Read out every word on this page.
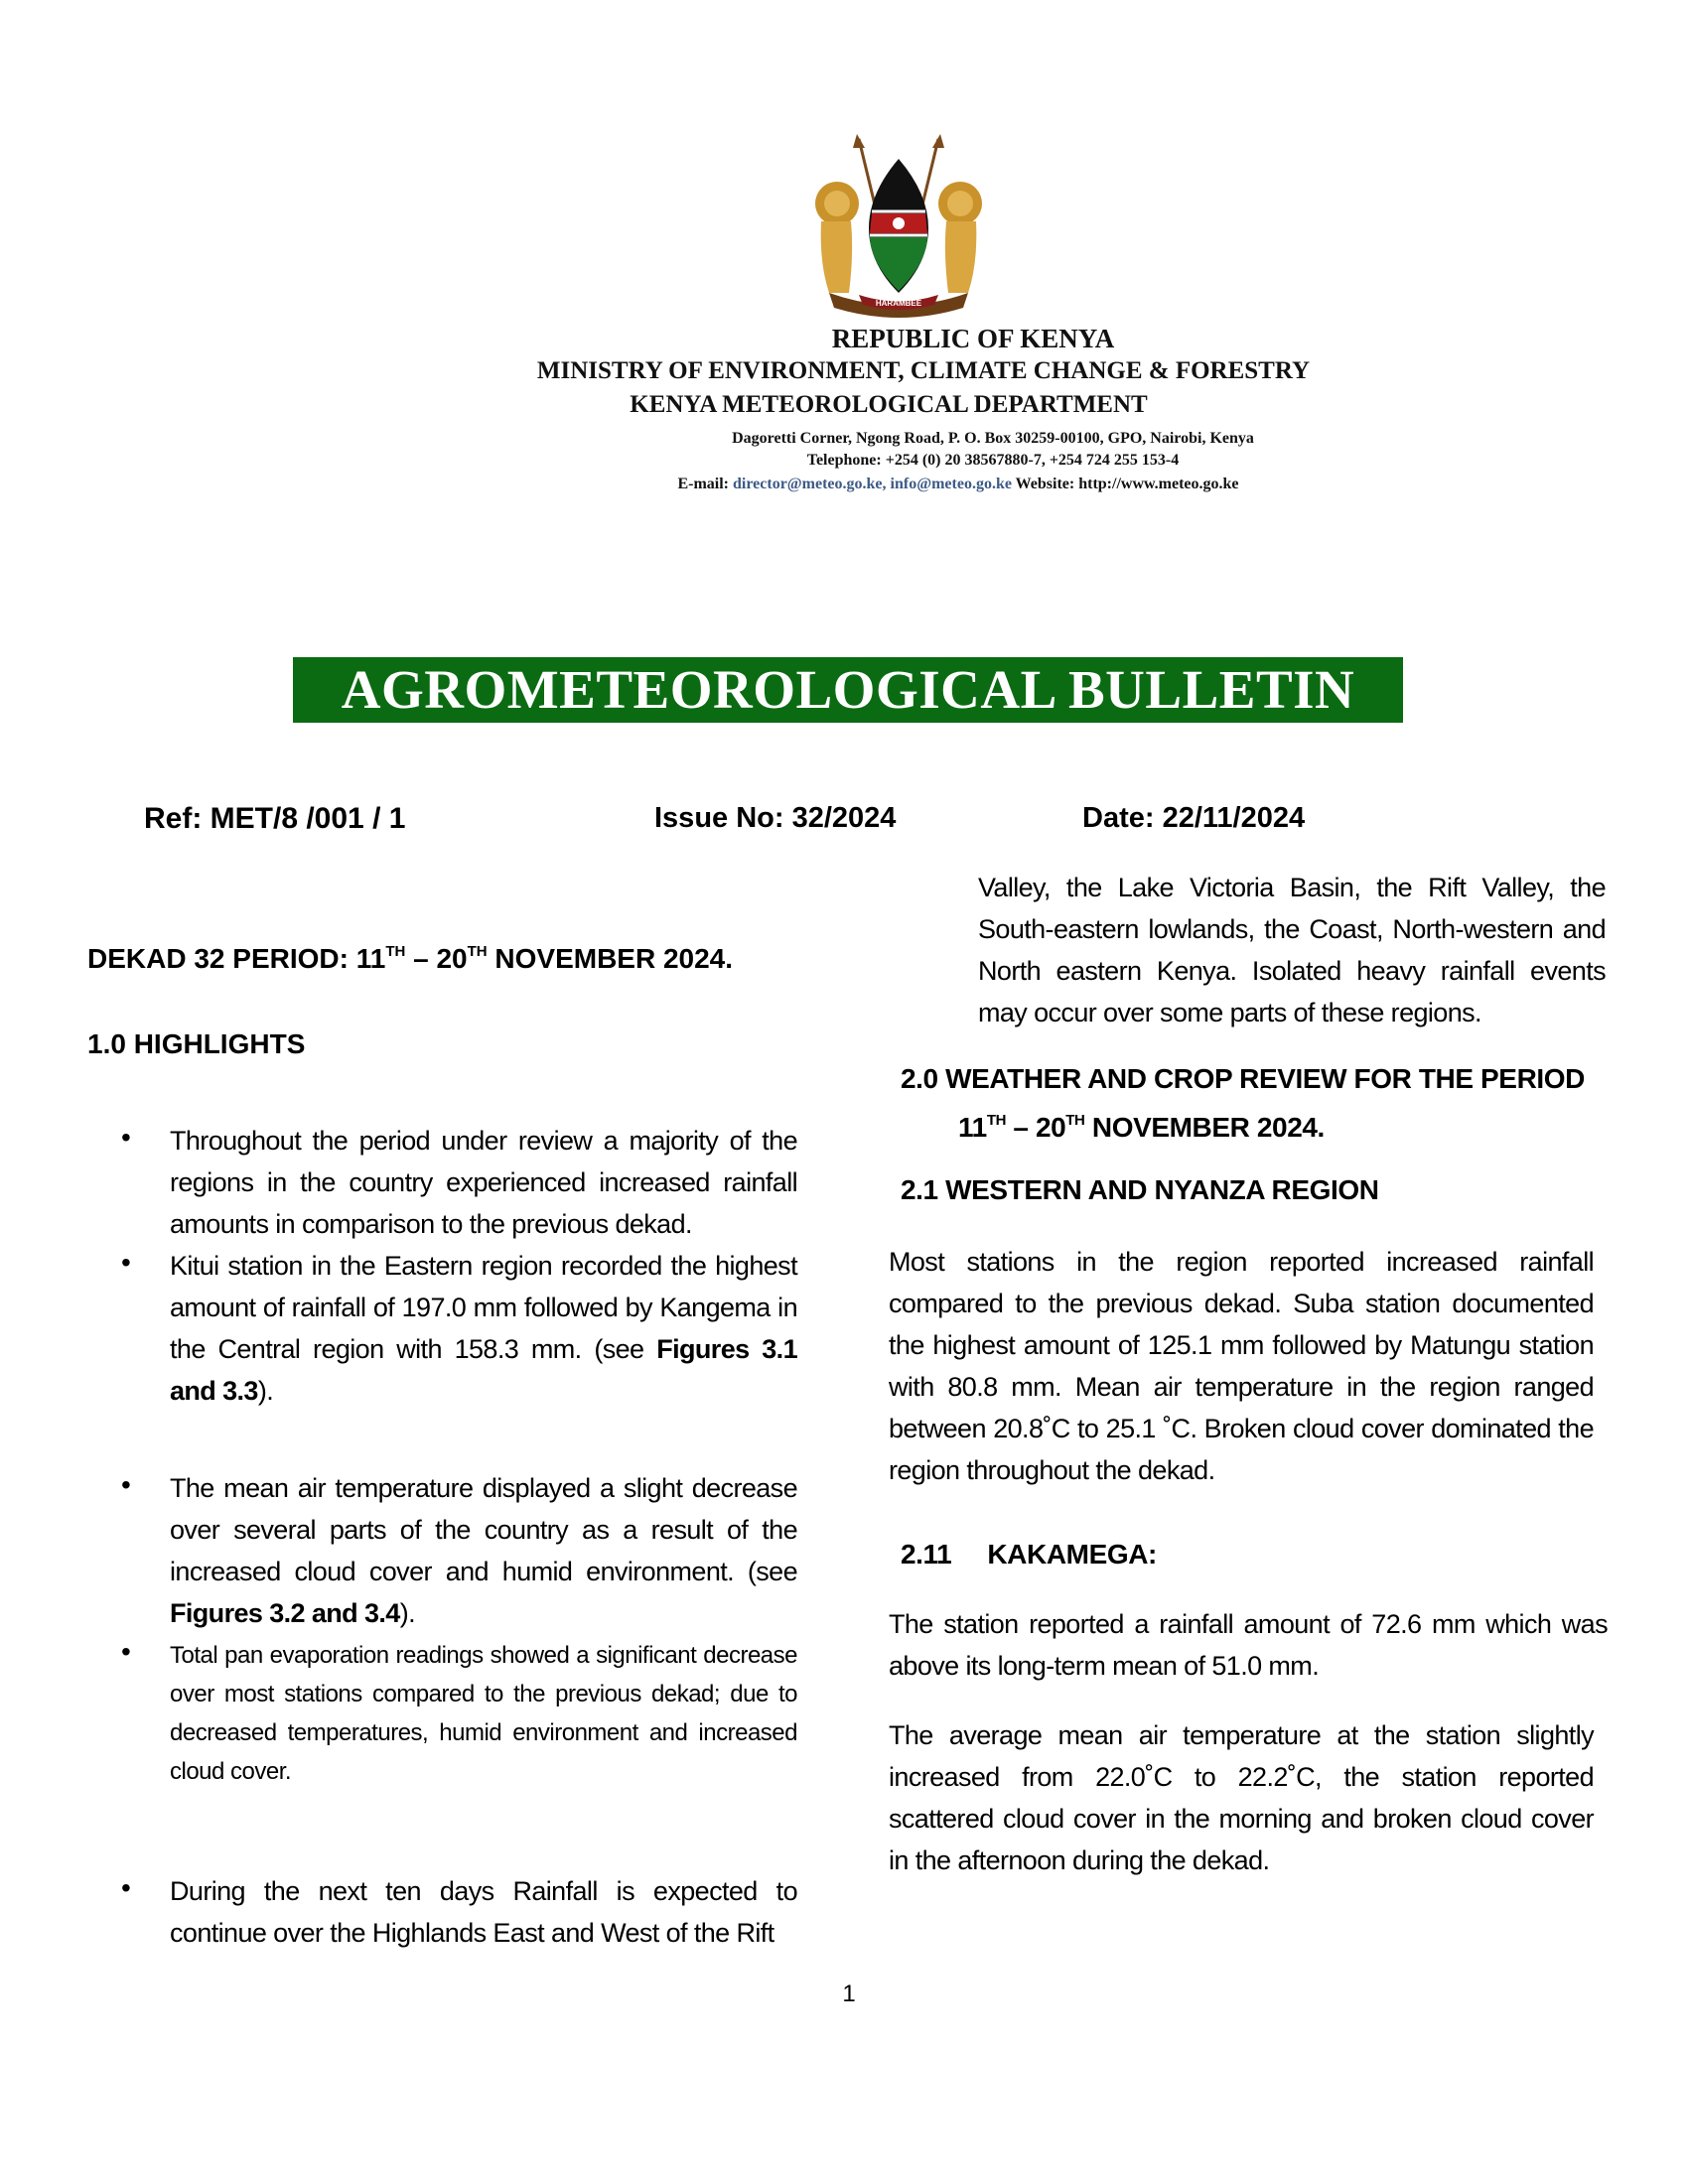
HARAMBEE
REPUBLIC OF KENYA
MINISTRY OF ENVIRONMENT, CLIMATE CHANGE & FORESTRY
KENYA METEOROLOGICAL DEPARTMENT
Dagoretti Corner, Ngong Road, P. O. Box 30259-00100, GPO, Nairobi, Kenya
Telephone: +254 (0) 20 38567880-7, +254 724 255 153-4
E-mail: director@meteo.go.ke, info@meteo.go.ke Website: http://www.meteo.go.ke
AGROMETEOROLOGICAL BULLETIN
Ref: MET/8 /001 / 1	Issue No: 32/2024	Date: 22/11/2024
DEKAD 32 PERIOD: 11TH – 20TH NOVEMBER 2024.
1.0 HIGHLIGHTS
• Throughout the period under review a majority of the regions in the country experienced increased rainfall amounts in comparison to the previous dekad.
• Kitui station in the Eastern region recorded the highest amount of rainfall of 197.0 mm followed by Kangema in the Central region with 158.3 mm. (see Figures 3.1 and 3.3).
• The mean air temperature displayed a slight decrease over several parts of the country as a result of the increased cloud cover and humid environment. (see Figures 3.2 and 3.4).
• Total pan evaporation readings showed a significant decrease over most stations compared to the previous dekad; due to decreased temperatures, humid environment and increased cloud cover.
• During the next ten days Rainfall is expected to continue over the Highlands East and West of the Rift
Valley, the Lake Victoria Basin, the Rift Valley, the South-eastern lowlands, the Coast, North-western and North eastern Kenya. Isolated heavy rainfall events may occur over some parts of these regions.
2.0 WEATHER AND CROP REVIEW FOR THE PERIOD
11TH – 20TH NOVEMBER 2024.
2.1 WESTERN AND NYANZA REGION
Most stations in the region reported increased rainfall compared to the previous dekad. Suba station documented the highest amount of 125.1 mm followed by Matungu station with 80.8 mm. Mean air temperature in the region ranged between 20.8˚C to 25.1 ˚C. Broken cloud cover dominated the region throughout the dekad.
2.11 KAKAMEGA:
The station reported a rainfall amount of 72.6 mm which was above its long-term mean of 51.0 mm.
The average mean air temperature at the station slightly increased from 22.0˚C to 22.2˚C, the station reported scattered cloud cover in the morning and broken cloud cover in the afternoon during the dekad.
1
